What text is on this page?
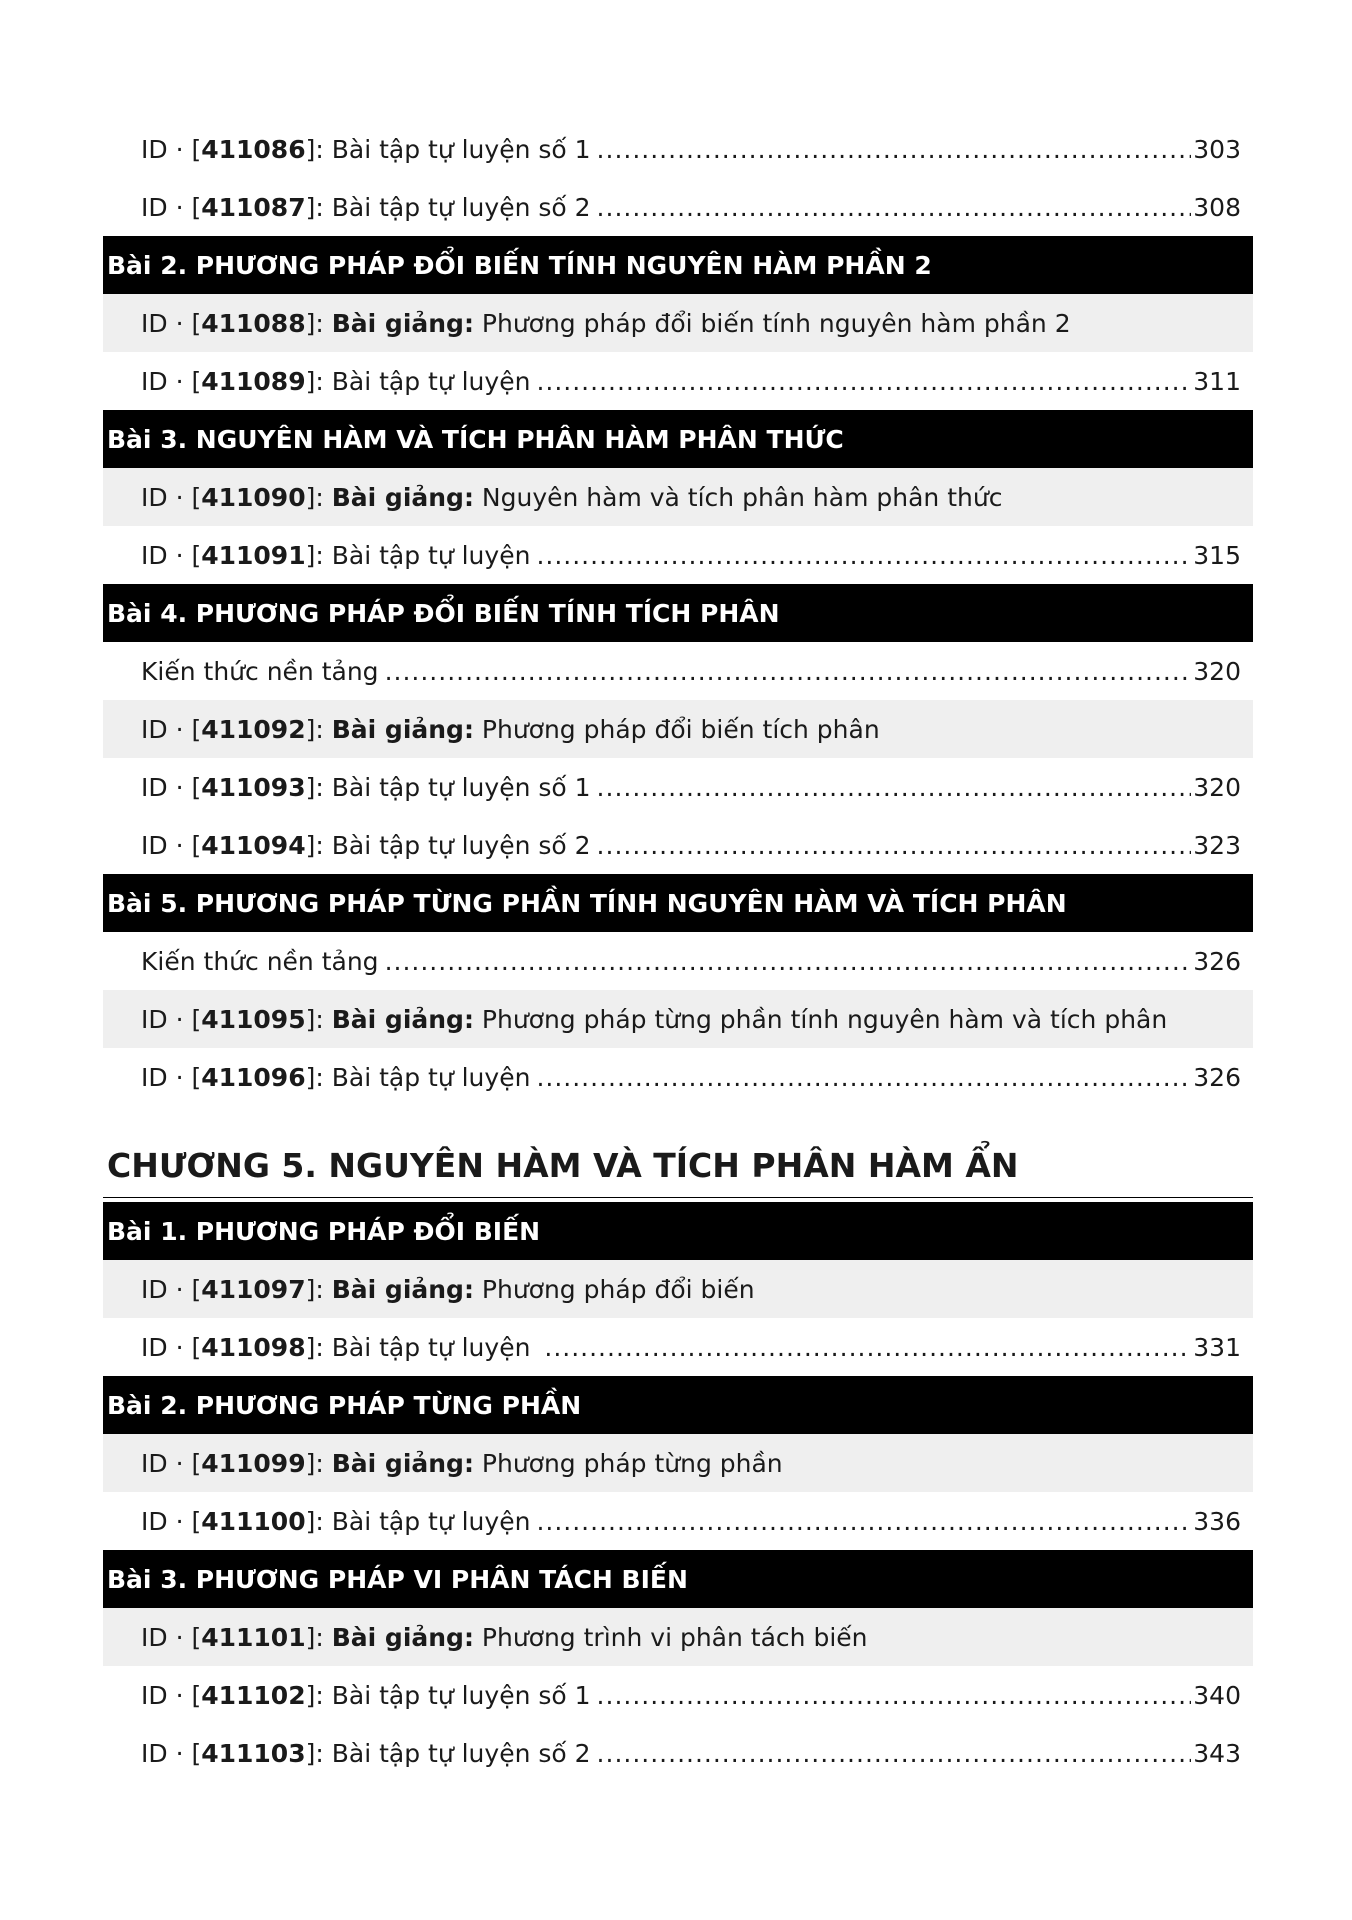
ID · [411086]: Bài tập tự luyện số 1 .....	303
ID · [411087]: Bài tập tự luyện số 2 .....	308
Bài 2. PHƯƠNG PHÁP ĐỔI BIẾN TÍNH NGUYÊN HÀM PHẦN 2
ID · [411088]: Bài giảng: Phương pháp đổi biến tính nguyên hàm phần 2
ID · [411089]: Bài tập tự luyện .....	311
Bài 3. NGUYÊN HÀM VÀ TÍCH PHÂN HÀM PHÂN THỨC
ID · [411090]: Bài giảng: Nguyên hàm và tích phân hàm phân thức
ID · [411091]: Bài tập tự luyện .....	315
Bài 4. PHƯƠNG PHÁP ĐỔI BIẾN TÍNH TÍCH PHÂN
Kiến thức nền tảng .....	320
ID · [411092]: Bài giảng: Phương pháp đổi biến tích phân
ID · [411093]: Bài tập tự luyện số 1 .....	320
ID · [411094]: Bài tập tự luyện số 2 .....	323
Bài 5. PHƯƠNG PHÁP TỪNG PHẦN TÍNH NGUYÊN HÀM VÀ TÍCH PHÂN
Kiến thức nền tảng .....	326
ID · [411095]: Bài giảng: Phương pháp từng phần tính nguyên hàm và tích phân
ID · [411096]: Bài tập tự luyện .....	326
CHƯƠNG 5. NGUYÊN HÀM VÀ TÍCH PHÂN HÀM ẨN
Bài 1. PHƯƠNG PHÁP ĐỔI BIẾN
ID · [411097]: Bài giảng: Phương pháp đổi biến
ID · [411098]: Bài tập tự luyện .....	331
Bài 2. PHƯƠNG PHÁP TỪNG PHẦN
ID · [411099]: Bài giảng: Phương pháp từng phần
ID · [411100]: Bài tập tự luyện .....	336
Bài 3. PHƯƠNG PHÁP VI PHÂN TÁCH BIẾN
ID · [411101]: Bài giảng: Phương trình vi phân tách biến
ID · [411102]: Bài tập tự luyện số 1 .....	340
ID · [411103]: Bài tập tự luyện số 2 .....	343
